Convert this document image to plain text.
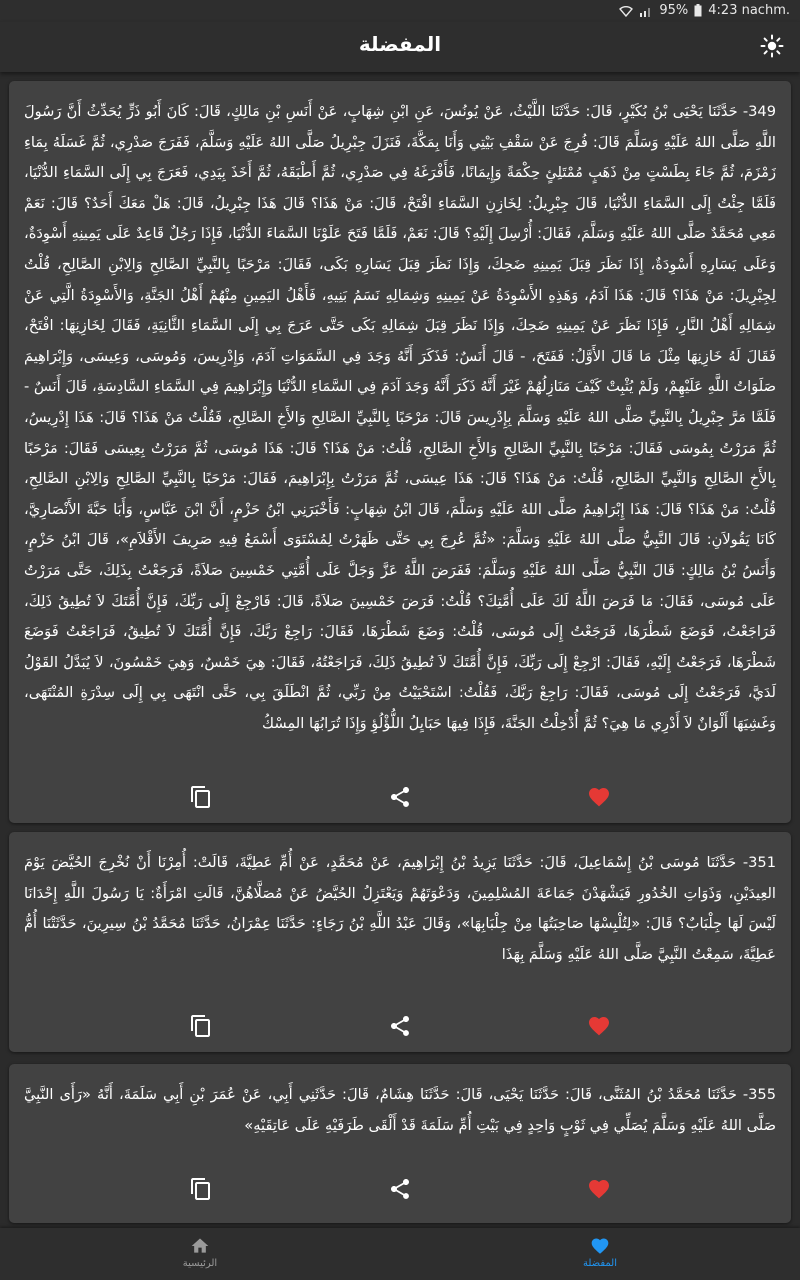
95% 4:23 nachm.
المفضلة
349- حَدَّثَنَا يَحْيَى بْنُ بُكَيْرٍ، قَالَ: حَدَّثَنَا اللَّيْثُ، عَنْ يُونُسَ، عَنِ ابْنِ شِهَابٍ، عَنْ أَنَسِ بْنِ مَالِكٍ، قَالَ: كَانَ أَبُو ذَرٍّ يُحَدِّثُ أَنَّ رَسُولَ اللَّهِ صَلَّى اللهُ عَلَيْهِ وَسَلَّمَ قَالَ: فُرِجَ عَنْ سَقْفِ بَيْتِي وَأَنَا بِمَكَّةَ، فَنَزَلَ جِبْرِيلُ صَلَّى اللهُ عَلَيْهِ وَسَلَّمَ، فَفَرَجَ صَدْرِي، ثُمَّ غَسَلَهُ بِمَاءِ زَمْزَمَ، ثُمَّ جَاءَ بِطَسْتٍ مِنْ ذَهَبٍ مُمْتَلِئٍ حِكْمَةً وَإِيمَانًا، فَأَفْرَغَهُ فِي صَدْرِي، ثُمَّ أَطْبَقَهُ، ثُمَّ أَخَذَ بِيَدِي، فَعَرَجَ بِي إِلَى السَّمَاءِ الدُّنْيَا، فَلَمَّا جِئْتُ إِلَى السَّمَاءِ الدُّنْيَا، قَالَ جِبْرِيلُ: لِخَازِنِ السَّمَاءِ افْتَحْ، قَالَ: مَنْ هَذَا؟ قَالَ هَذَا جِبْرِيلُ، قَالَ: هَلْ مَعَكَ أَحَدٌ؟ قَالَ: نَعَمْ مَعِي مُحَمَّدٌ صَلَّى اللهُ عَلَيْهِ وَسَلَّمَ، فَقَالَ: أُرْسِلَ إِلَيْهِ؟ قَالَ: نَعَمْ، فَلَمَّا فَتَحَ عَلَوْنَا السَّمَاءَ الدُّنْيَا، فَإِذَا رَجُلٌ قَاعِدٌ عَلَى يَمِينِهِ أَسْوِدَةٌ، وَعَلَى يَسَارِهِ أَسْوِدَةٌ، إِذَا نَظَرَ قِبَلَ يَمِينِهِ ضَحِكَ، وَإِذَا نَظَرَ قِبَلَ يَسَارِهِ بَكَى، فَقَالَ: مَرْحَبًا بِالنَّبِيِّ الصَّالِحِ وَالِابْنِ الصَّالِحِ، قُلْتُ لِجِبْرِيلَ: مَنْ هَذَا؟ قَالَ: هَذَا آدَمُ، وَهَذِهِ الأَسْوِدَةُ عَنْ يَمِينِهِ وَشِمَالِهِ نَسَمُ بَنِيهِ، فَأَهْلُ اليَمِينِ مِنْهُمْ أَهْلُ الجَنَّةِ، وَالأَسْوِدَةُ الَّتِي عَنْ شِمَالِهِ أَهْلُ النَّارِ، فَإِذَا نَظَرَ عَنْ يَمِينِهِ ضَحِكَ، وَإِذَا نَظَرَ قِبَلَ شِمَالِهِ بَكَى حَتَّى عَرَجَ بِي إِلَى السَّمَاءِ الثَّانِيَةِ، فَقَالَ لِخَازِنِهَا: افْتَحْ، فَقَالَ لَهُ خَازِنِهَا مِثْلَ مَا قَالَ الأَوَّلُ: فَفَتَحَ، - قَالَ أَنَسٌ: فَذَكَرَ أَنَّهُ وَجَدَ فِي السَّمَوَاتِ آدَمَ، وَإِدْرِيسَ، وَمُوسَى، وَعِيسَى، وَإِبْرَاهِيمَ صَلَوَاتُ اللَّهِ عَلَيْهِمْ، وَلَمْ يُثْبِتْ كَيْفَ مَنَازِلُهُمْ غَيْرَ أَنَّهُ ذَكَرَ أَنَّهُ وَجَدَ آدَمَ فِي السَّمَاءِ الدُّنْيَا وَإِبْرَاهِيمَ فِي السَّمَاءِ السَّادِسَةِ، قَالَ أَنَسٌ - فَلَمَّا مَرَّ جِبْرِيلُ بِالنَّبِيِّ صَلَّى اللهُ عَلَيْهِ وَسَلَّمَ بِإِدْرِيسَ قَالَ: مَرْحَبًا بِالنَّبِيِّ الصَّالِحِ وَالأَخِ الصَّالِحِ، فَقُلْتُ مَنْ هَذَا؟ قَالَ: هَذَا إِدْرِيسُ، ثُمَّ مَرَرْتُ بِمُوسَى فَقَالَ: مَرْحَبًا بِالنَّبِيِّ الصَّالِحِ وَالأَخِ الصَّالِحِ، قُلْتُ: مَنْ هَذَا؟ قَالَ: هَذَا مُوسَى، ثُمَّ مَرَرْتُ بِعِيسَى فَقَالَ: مَرْحَبًا بِالأَخِ الصَّالِحِ وَالنَّبِيِّ الصَّالِحِ، قُلْتُ: مَنْ هَذَا؟ قَالَ: هَذَا عِيسَى، ثُمَّ مَرَرْتُ بِإِبْرَاهِيمَ، فَقَالَ: مَرْحَبًا بِالنَّبِيِّ الصَّالِحِ وَالِابْنِ الصَّالِحِ، قُلْتُ: مَنْ هَذَا؟ قَالَ: هَذَا إِبْرَاهِيمُ صَلَّى اللهُ عَلَيْهِ وَسَلَّمَ، قَالَ ابْنُ شِهَابٍ: فَأَخْبَرَنِي ابْنُ حَزْمٍ، أَنَّ ابْنَ عَبَّاسٍ، وَأَبَا حَبَّةَ الأَنْصَارِيَّ، كَانَا يَقُولاَنِ: قَالَ النَّبِيُّ صَلَّى اللهُ عَلَيْهِ وَسَلَّمَ: «ثُمَّ عُرِجَ بِي حَتَّى ظَهَرْتُ لِمُسْتَوَى أَسْمَعُ فِيهِ صَرِيفَ الأَقْلاَمِ»، قَالَ ابْنُ حَزْمٍ، وَأَنَسُ بْنُ مَالِكٍ: قَالَ النَّبِيُّ صَلَّى اللهُ عَلَيْهِ وَسَلَّمَ: فَفَرَضَ اللَّهُ عَزَّ وَجَلَّ عَلَى أُمَّتِي خَمْسِينَ صَلاَةً، فَرَجَعْتُ بِذَلِكَ، حَتَّى مَرَرْتُ عَلَى مُوسَى، فَقَالَ: مَا فَرَضَ اللَّهُ لَكَ عَلَى أُمَّتِكَ؟ قُلْتُ: فَرَضَ خَمْسِينَ صَلاَةً، قَالَ: فَارْجِعْ إِلَى رَبِّكَ، فَإِنَّ أُمَّتَكَ لاَ تُطِيقُ ذَلِكَ، فَرَاجَعْتُ، فَوَضَعَ شَطْرَهَا، فَرَجَعْتُ إِلَى مُوسَى، قُلْتُ: وَضَعَ شَطْرَهَا، فَقَالَ: رَاجِعْ رَبَّكَ، فَإِنَّ أُمَّتَكَ لاَ تُطِيقُ، فَرَاجَعْتُ فَوَضَعَ شَطْرَهَا، فَرَجَعْتُ إِلَيْهِ، فَقَالَ: ارْجِعْ إِلَى رَبِّكَ، فَإِنَّ أُمَّتَكَ لاَ تُطِيقُ ذَلِكَ، فَرَاجَعْتُهُ، فَقَالَ: هِيَ خَمْسٌ، وَهِيَ خَمْسُونَ، لاَ يُبَدَّلُ القَوْلُ لَدَيَّ، فَرَجَعْتُ إِلَى مُوسَى، فَقَالَ: رَاجِعْ رَبَّكَ، فَقُلْتُ: اسْتَحْيَيْتُ مِنْ رَبِّي، ثُمَّ انْطَلَقَ بِي، حَتَّى انْتَهَى بِي إِلَى سِدْرَةِ المُنْتَهَى، وَغَشِيَهَا أَلْوَانٌ لاَ أَدْرِي مَا هِيَ؟ ثُمَّ أُدْخِلْتُ الجَنَّةَ، فَإِذَا فِيهَا حَبَايِلُ اللُّؤْلُؤِ وَإِذَا تُرَابُهَا المِسْكُ
351- حَدَّثَنَا مُوسَى بْنُ إِسْمَاعِيلَ، قَالَ: حَدَّثَنَا يَزِيدُ بْنُ إِبْرَاهِيمَ، عَنْ مُحَمَّدٍ، عَنْ أُمِّ عَطِيَّةَ، قَالَتْ: أُمِرْنَا أَنْ نُخْرِجَ الحُيَّضَ يَوْمَ العِيدَيْنِ، وَذَوَاتِ الخُدُورِ فَيَشْهَدْنَ جَمَاعَةَ المُسْلِمِينَ، وَدَعْوَتَهُمْ وَيَعْتَزِلُ الحُيَّضُ عَنْ مُصَلَّاهُنَّ، قَالَتِ امْرَأَةٌ: يَا رَسُولَ اللَّهِ إِحْدَانَا لَيْسَ لَهَا جِلْبَابٌ؟ قَالَ: «لِتُلْبِسْهَا صَاحِبَتُهَا مِنْ جِلْبَابِهَا»، وَقَالَ عَبْدُ اللَّهِ بْنُ رَجَاءٍ: حَدَّثَنَا عِمْرَانُ، حَدَّثَنَا مُحَمَّدُ بْنُ سِيرِينَ، حَدَّثَتْنَا أُمُّ عَطِيَّةَ، سَمِعْتُ النَّبِيَّ صَلَّى اللهُ عَلَيْهِ وَسَلَّمَ بِهَذَا
355- حَدَّثَنَا مُحَمَّدُ بْنُ المُثَنَّى، قَالَ: حَدَّثَنَا يَحْيَى، قَالَ: حَدَّثَنَا هِشَامٌ، قَالَ: حَدَّثَنِي أَبِي، عَنْ عُمَرَ بْنِ أَبِي سَلَمَةَ، أَنَّهُ «رَأَى النَّبِيَّ صَلَّى اللهُ عَلَيْهِ وَسَلَّمَ يُصَلِّي فِي ثَوْبٍ وَاحِدٍ فِي بَيْتِ أُمِّ سَلَمَةَ قَدْ أَلْقَى طَرَفَيْهِ عَلَى عَاتِقَيْهِ»
الرئيسية	المفضلة
